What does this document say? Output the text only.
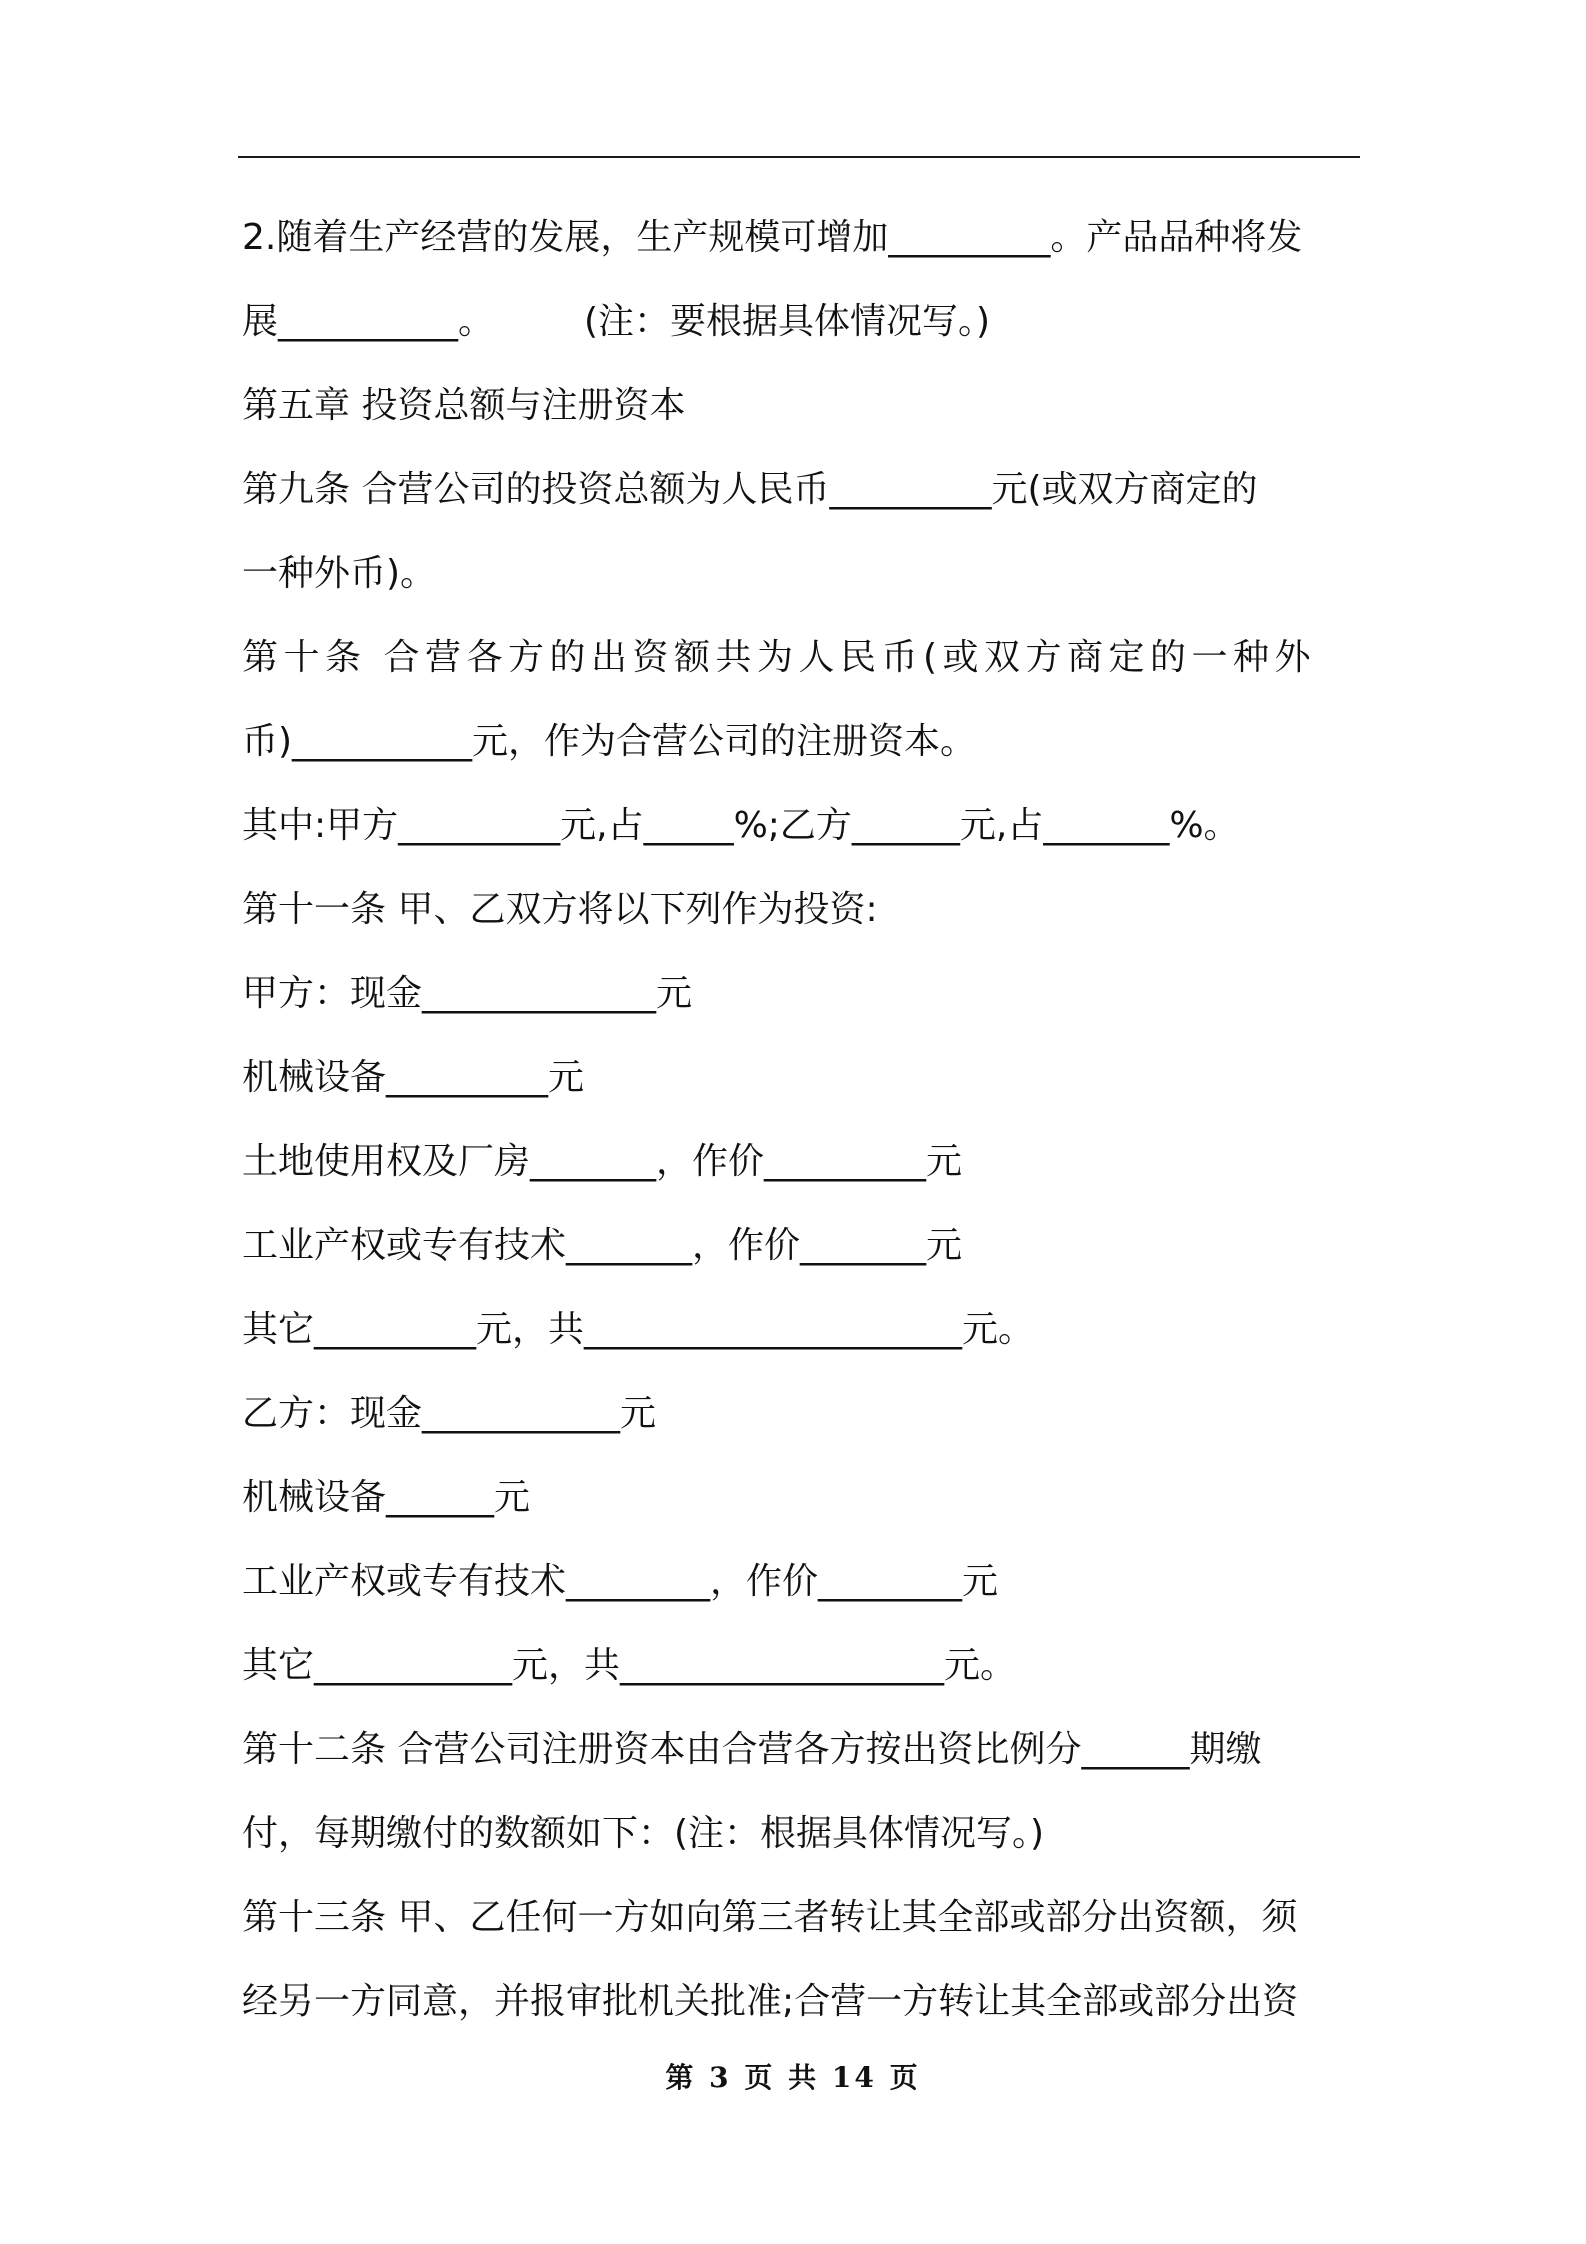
2.随着生产经营的发展，生产规模可增加_________。产品品种将发
展__________。　　　(注：要根据具体情况写。)
第五章 投资总额与注册资本
第九条 合营公司的投资总额为人民币_________元(或双方商定的
一种外币)。
第十条 合营各方的出资额共为人民币(或双方商定的一种外
币)__________元，作为合营公司的注册资本。
其中:甲方_________元,占_____%;乙方______元,占_______%。
第十一条 甲、乙双方将以下列作为投资:
甲方：现金_____________元
机械设备_________元
土地使用权及厂房_______，作价_________元
工业产权或专有技术_______，作价_______元
其它_________元，共_____________________元。
乙方：现金___________元
机械设备______元
工业产权或专有技术________，作价________元
其它___________元，共__________________元。
第十二条 合营公司注册资本由合营各方按出资比例分______期缴
付，每期缴付的数额如下：(注：根据具体情况写。)
第十三条 甲、乙任何一方如向第三者转让其全部或部分出资额，须
经另一方同意，并报审批机关批准;合营一方转让其全部或部分出资
第 3 页 共 14 页
